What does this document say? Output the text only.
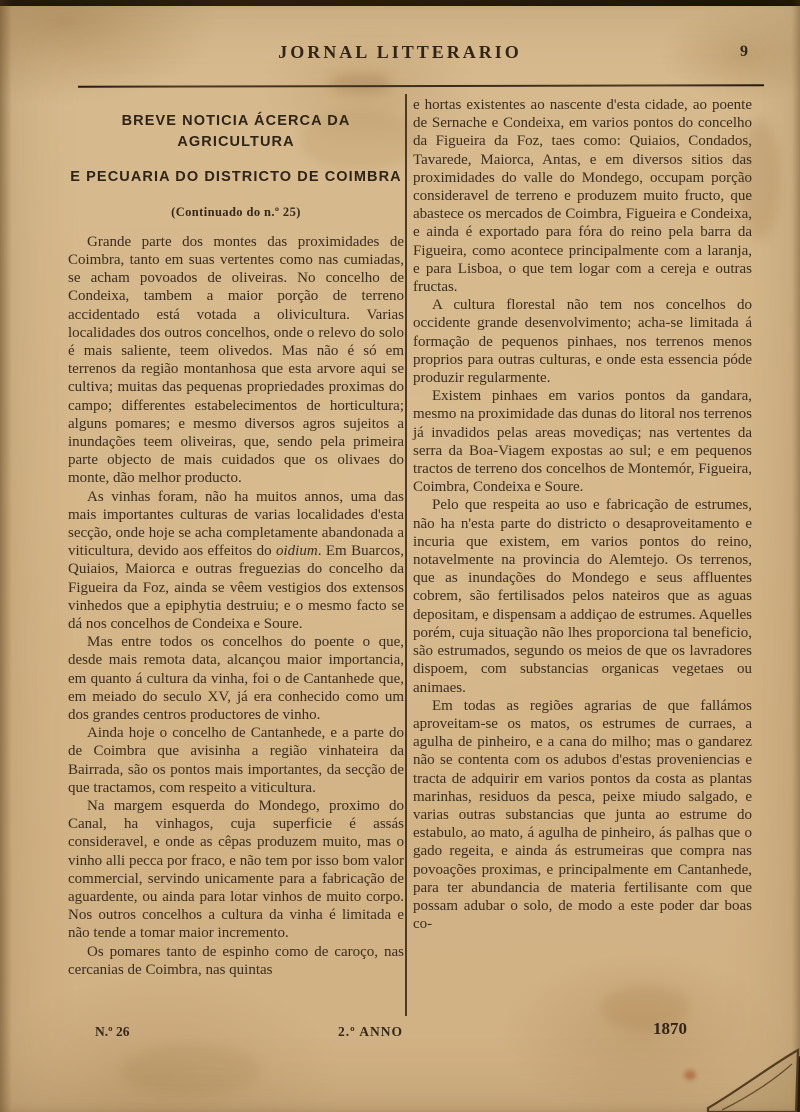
JORNAL LITTERARIO	9

BREVE NOTICIA ÁCERCA DA AGRICULTURA

E PECUARIA DO DISTRICTO DE COIMBRA

(Continuado do n.º 25)

Grande parte dos montes das proximidades de Coimbra, tanto em suas vertentes como nas cumiadas, se acham povoados de oliveiras. No concelho de Condeixa, tambem a maior porção de terreno accidentado está votada a olivicultura. Varias localidades dos outros concelhos, onde o relevo do solo é mais saliente, teem olivedos. Mas não é só em terrenos da região montanhosa que esta arvore aqui se cultiva; muitas das pequenas propriedades proximas do campo; differentes estabelecimentos de horticultura; alguns pomares; e mesmo diversos agros sujeitos a inundações teem oliveiras, que, sendo pela primeira parte objecto de mais cuidados que os olivaes do monte, dão melhor producto.

As vinhas foram, não ha muitos annos, uma das mais importantes culturas de varias localidades d'esta secção, onde hoje se acha completamente abandonada a viticultura, devido aos effeitos do oidium. Em Buarcos, Quiaios, Maiorca e outras freguezias do concelho da Figueira da Foz, ainda se vêem vestigios dos extensos vinhedos que a epiphytia destruiu; e o mesmo facto se dá nos concelhos de Condeixa e Soure.

Mas entre todos os concelhos do poente o que, desde mais remota data, alcançou maior importancia, em quanto á cultura da vinha, foi o de Cantanhede que, em meiado do seculo XV, já era conhecido como um dos grandes centros productores de vinho.

Ainda hoje o concelho de Cantanhede, e a parte do de Coimbra que avisinha a região vinhateira da Bairrada, são os pontos mais importantes, da secção de que tractamos, com respeito a viticultura.

Na margem esquerda do Mondego, proximo do Canal, ha vinhagos, cuja superficie é assás consideravel, e onde as cêpas produzem muito, mas o vinho alli pecca por fraco, e não tem por isso bom valor commercial, servindo unicamente para a fabricação de aguardente, ou ainda para lotar vinhos de muito corpo. Nos outros concelhos a cultura da vinha é limitada e não tende a tomar maior incremento.

Os pomares tanto de espinho como de caroço, nas cercanias de Coimbra, nas quintas

e hortas existentes ao nascente d'esta cidade, ao poente de Sernache e Condeixa, em varios pontos do concelho da Figueira da Foz, taes como: Quiaios, Condados, Tavarede, Maiorca, Antas, e em diversos sitios das proximidades do valle do Mondego, occupam porção consideravel de terreno e produzem muito fructo, que abastece os mercados de Coimbra, Figueira e Condeixa, e ainda é exportado para fóra do reino pela barra da Figueira, como acontece principalmente com a laranja, e para Lisboa, o que tem logar com a cereja e outras fructas.

A cultura florestal não tem nos concelhos do occidente grande desenvolvimento; acha-se limitada á formação de pequenos pinhaes, nos terrenos menos proprios para outras culturas, e onde esta essencia póde produzir regularmente.

Existem pinhaes em varios pontos da gandara, mesmo na proximidade das dunas do litoral nos terrenos já invadidos pelas areas movediças; nas vertentes da serra da Boa-Viagem expostas ao sul; e em pequenos tractos de terreno dos concelhos de Montemór, Figueira, Coimbra, Condeixa e Soure.

Pelo que respeita ao uso e fabricação de estrumes, não ha n'esta parte do districto o desaproveitamento e incuria que existem, em varios pontos do reino, notavelmente na provincia do Alemtejo. Os terrenos, que as inundações do Mondego e seus affluentes cobrem, são fertilisados pelos nateiros que as aguas depositam, e dispensam a addiçao de estrumes. Aquelles porém, cuja situação não lhes proporciona tal beneficio, são estrumados, segundo os meios de que os lavradores dispoem, com substancias organicas vegetaes ou animaes.

Em todas as regiões agrarias de que fallámos aproveitam-se os matos, os estrumes de curraes, a agulha de pinheiro, e a cana do milho; mas o gandarez não se contenta com os adubos d'estas proveniencias e tracta de adquirir em varios pontos da costa as plantas marinhas, residuos da pesca, peixe miudo salgado, e varias outras substancias que junta ao estrume do estabulo, ao mato, á agulha de pinheiro, ás palhas que o gado regeita, e ainda ás estrumeiras que compra nas povoações proximas, e principalmente em Cantanhede, para ter abundancia de materia fertilisante com que possam adubar o solo, de modo a este poder dar boas co-

N.º 26	2.º ANNO	1870
